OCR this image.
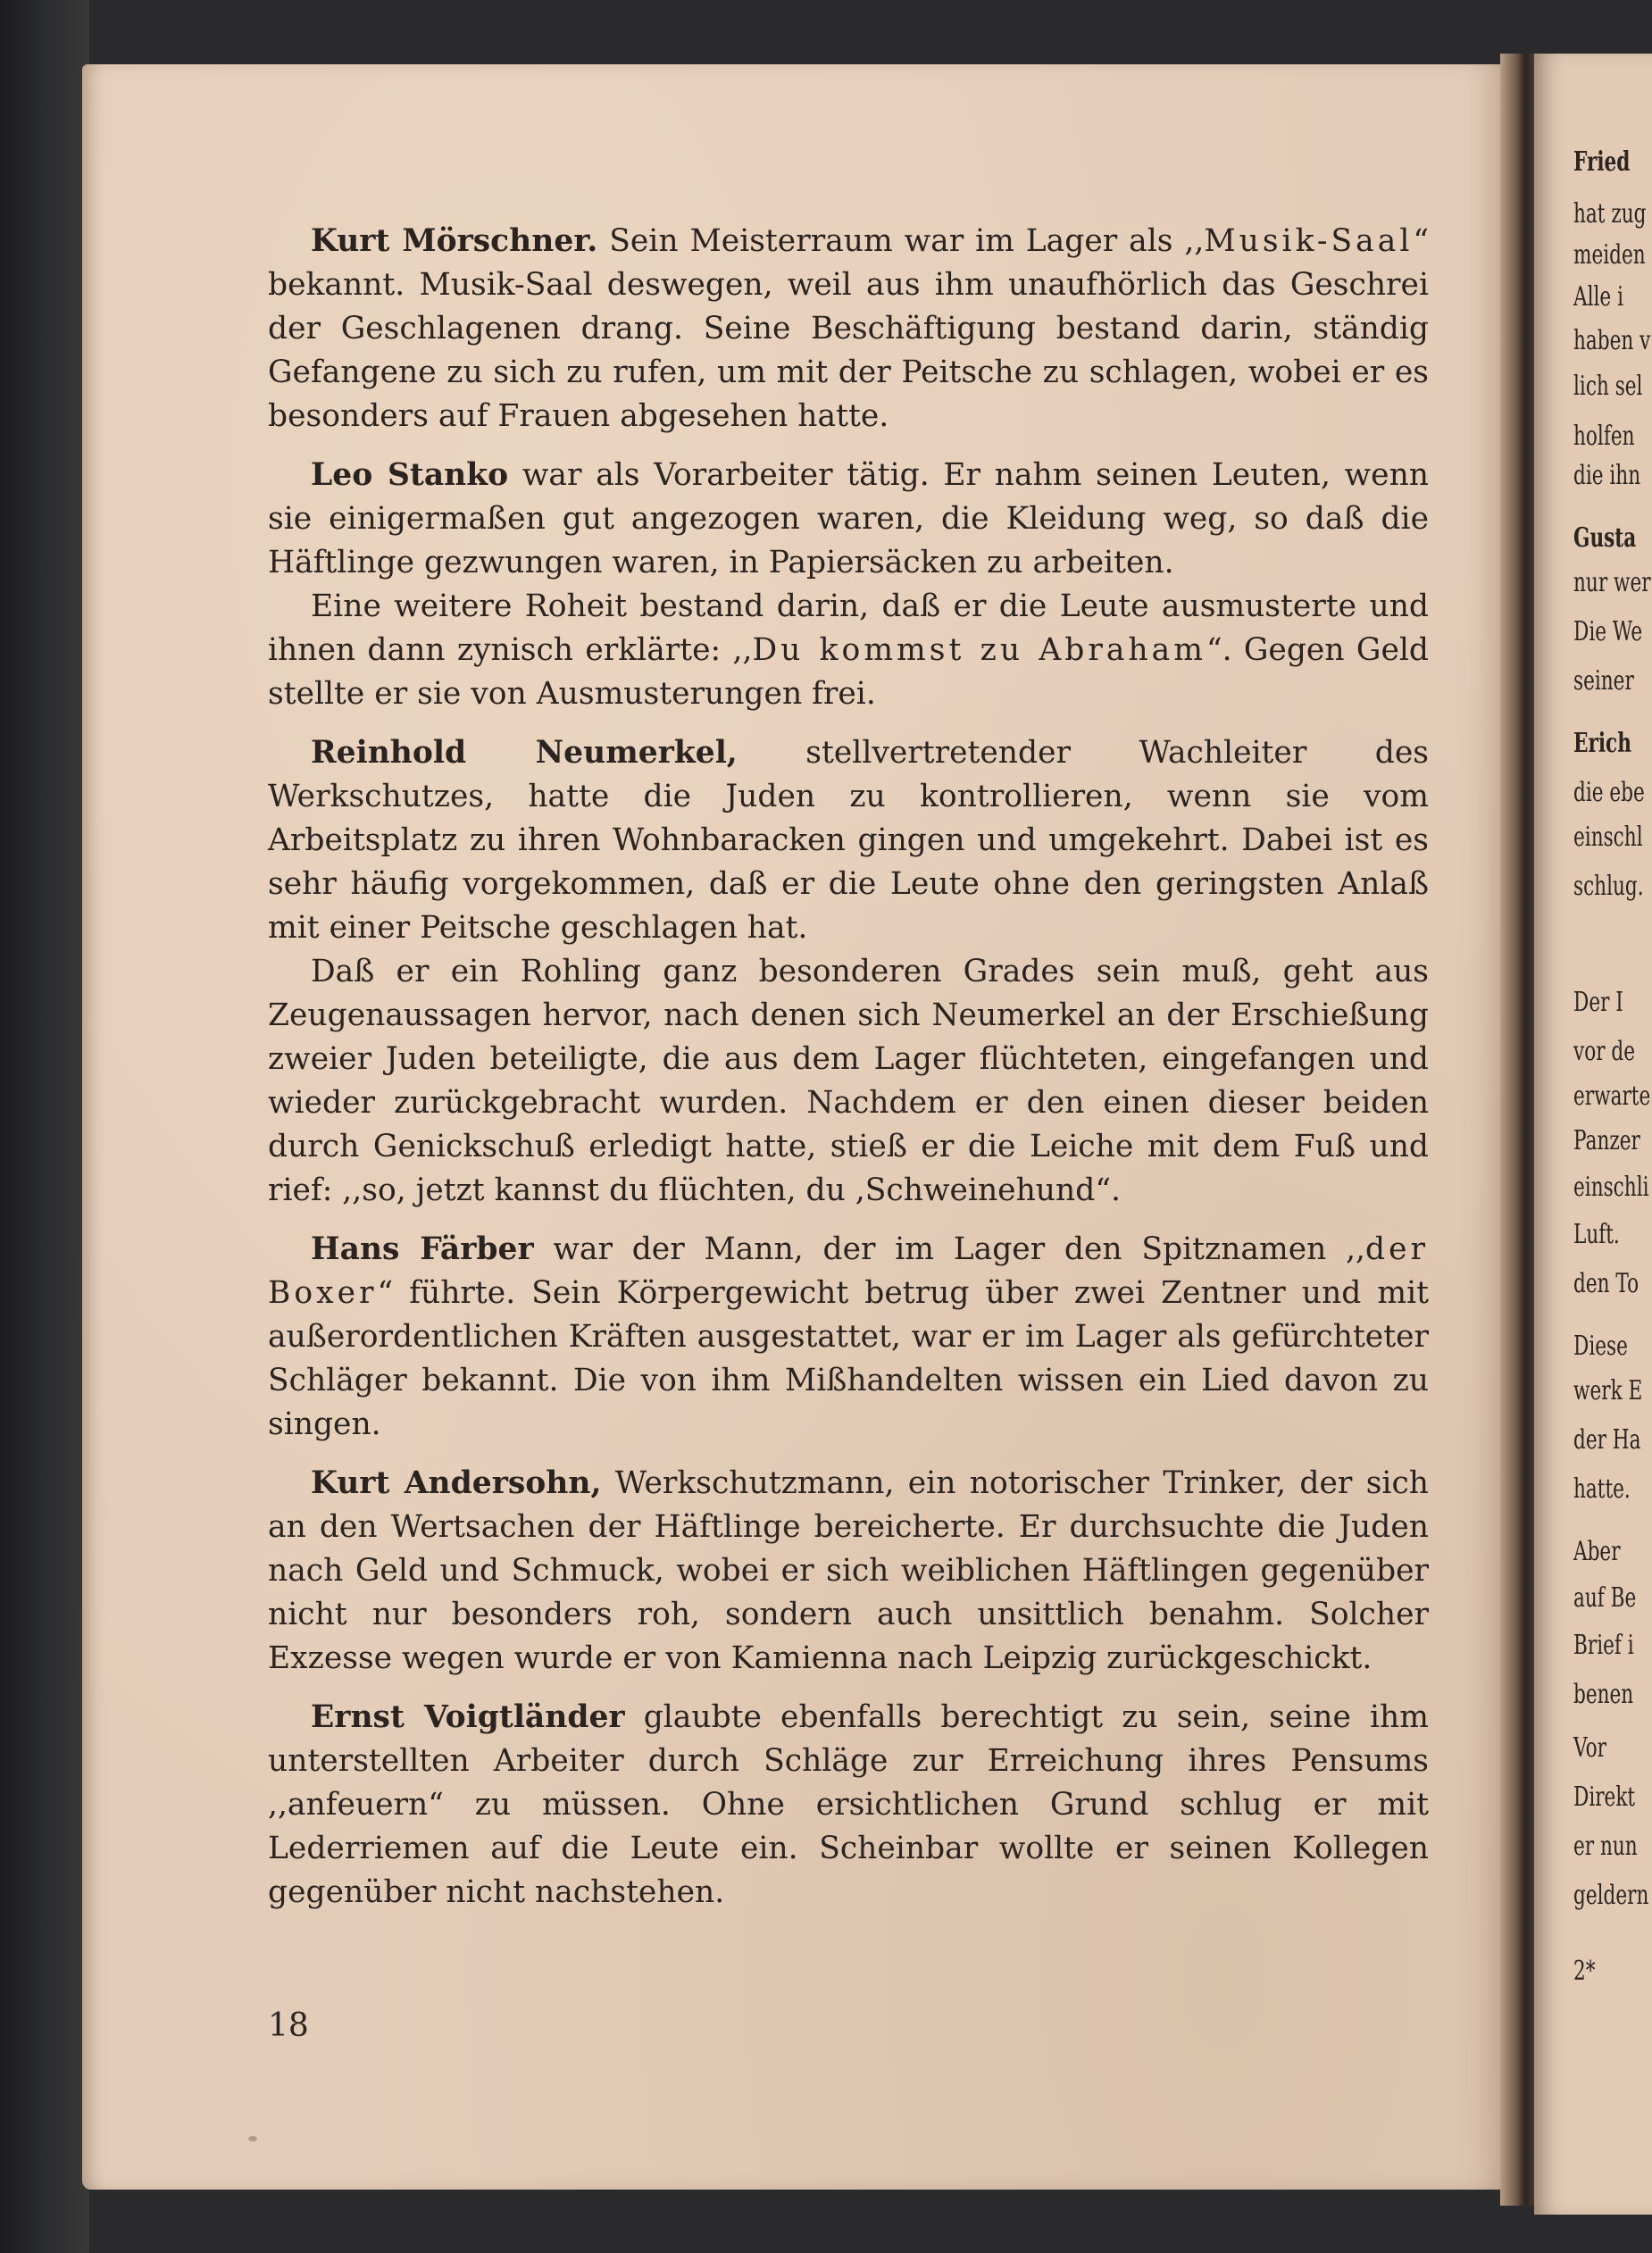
Kurt Mörschner. Sein Meisterraum war im Lager als ,,Musik-Saal“ bekannt. Musik-Saal deswegen, weil aus ihm unaufhörlich das Geschrei der Geschlagenen drang. Seine Beschäftigung bestand darin, ständig Gefangene zu sich zu rufen, um mit der Peitsche zu schlagen, wobei er es besonders auf Frauen abgesehen hatte.

Leo Stanko war als Vorarbeiter tätig. Er nahm seinen Leuten, wenn sie einigermaßen gut angezogen waren, die Kleidung weg, so daß die Häftlinge gezwungen waren, in Papiersäcken zu arbeiten.

Eine weitere Roheit bestand darin, daß er die Leute ausmusterte und ihnen dann zynisch erklärte: ,,Du kommst zu Abraham“. Gegen Geld stellte er sie von Ausmusterungen frei.

Reinhold Neumerkel, stellvertretender Wachleiter des Werkschutzes, hatte die Juden zu kontrollieren, wenn sie vom Arbeitsplatz zu ihren Wohnbaracken gingen und umgekehrt. Dabei ist es sehr häufig vorgekommen, daß er die Leute ohne den geringsten Anlaß mit einer Peitsche geschlagen hat.

Daß er ein Rohling ganz besonderen Grades sein muß, geht aus Zeugenaussagen hervor, nach denen sich Neumerkel an der Erschießung zweier Juden beteiligte, die aus dem Lager flüchteten, eingefangen und wieder zurückgebracht wurden. Nachdem er den einen dieser beiden durch Genickschuß erledigt hatte, stieß er die Leiche mit dem Fuß und rief: ,,so, jetzt kannst du flüchten, du ,Schweinehund“.

Hans Färber war der Mann, der im Lager den Spitznamen ,,der Boxer“ führte. Sein Körpergewicht betrug über zwei Zentner und mit außerordentlichen Kräften ausgestattet, war er im Lager als gefürchteter Schläger bekannt. Die von ihm Mißhandelten wissen ein Lied davon zu singen.

Kurt Andersohn, Werkschutzmann, ein notorischer Trinker, der sich an den Wertsachen der Häftlinge bereicherte. Er durchsuchte die Juden nach Geld und Schmuck, wobei er sich weiblichen Häftlingen gegenüber nicht nur besonders roh, sondern auch unsittlich benahm. Solcher Exzesse wegen wurde er von Kamienna nach Leipzig zurückgeschickt.

Ernst Voigtländer glaubte ebenfalls berechtigt zu sein, seine ihm unterstellten Arbeiter durch Schläge zur Erreichung ihres Pensums ,,anfeuern“ zu müssen. Ohne ersichtlichen Grund schlug er mit Lederriemen auf die Leute ein. Scheinbar wollte er seinen Kollegen gegenüber nicht nachstehen.

18

Fried

hat zug

meiden

Alle i

haben v

lich sel

holfen

die ihn

Gusta

nur wer

Die We

seiner

Erich

die ebe

einschl

schlug.

Der I

vor de

erwarte

Panzer

einschli

Luft.

den To

Diese

werk E

der Ha

hatte.

Aber

auf Be

Brief i

benen

Vor

Direkt

er nun

geldern

2*
